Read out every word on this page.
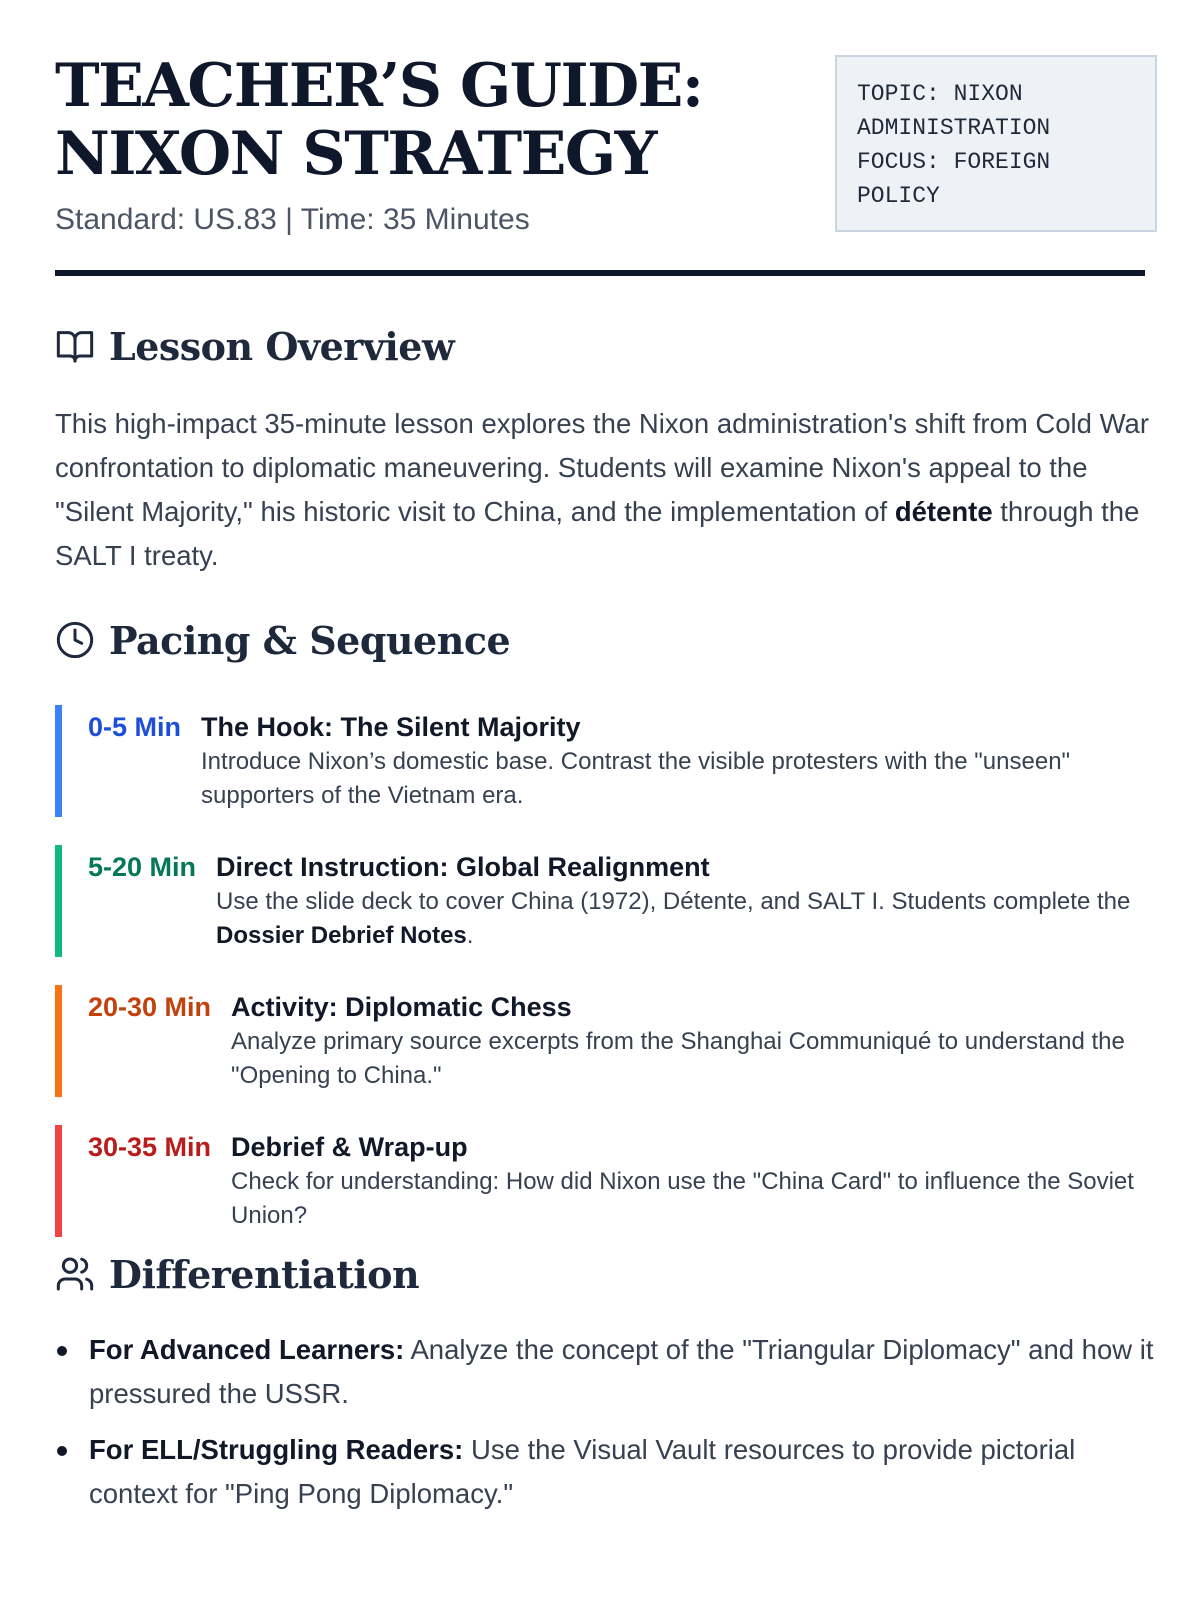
TEACHER’S GUIDE: NIXON STRATEGY
Standard: US.83 | Time: 35 Minutes
TOPIC: NIXON
ADMINISTRATION
FOCUS: FOREIGN
POLICY
Lesson Overview

This high-impact 35-minute lesson explores the Nixon administration's shift from Cold War confrontation to diplomatic maneuvering. Students will examine Nixon's appeal to the "Silent Majority," his historic visit to China, and the implementation of détente through the SALT I treaty.

Pacing & Sequence
0-5 Min The Hook: The Silent Majority
Introduce Nixon’s domestic base. Contrast the visible protesters with the "unseen" supporters of the Vietnam era.
5-20 Min Direct Instruction: Global Realignment
Use the slide deck to cover China (1972), Détente, and SALT I. Students complete the Dossier Debrief Notes.
20-30 Min Activity: Diplomatic Chess
Analyze primary source excerpts from the Shanghai Communiqué to understand the "Opening to China."
30-35 Min Debrief & Wrap-up
Check for understanding: How did Nixon use the "China Card" to influence the Soviet Union?
Differentiation
For Advanced Learners: Analyze the concept of the "Triangular Diplomacy" and how it pressured the USSR.
For ELL/Struggling Readers: Use the Visual Vault resources to provide pictorial context for "Ping Pong Diplomacy."
